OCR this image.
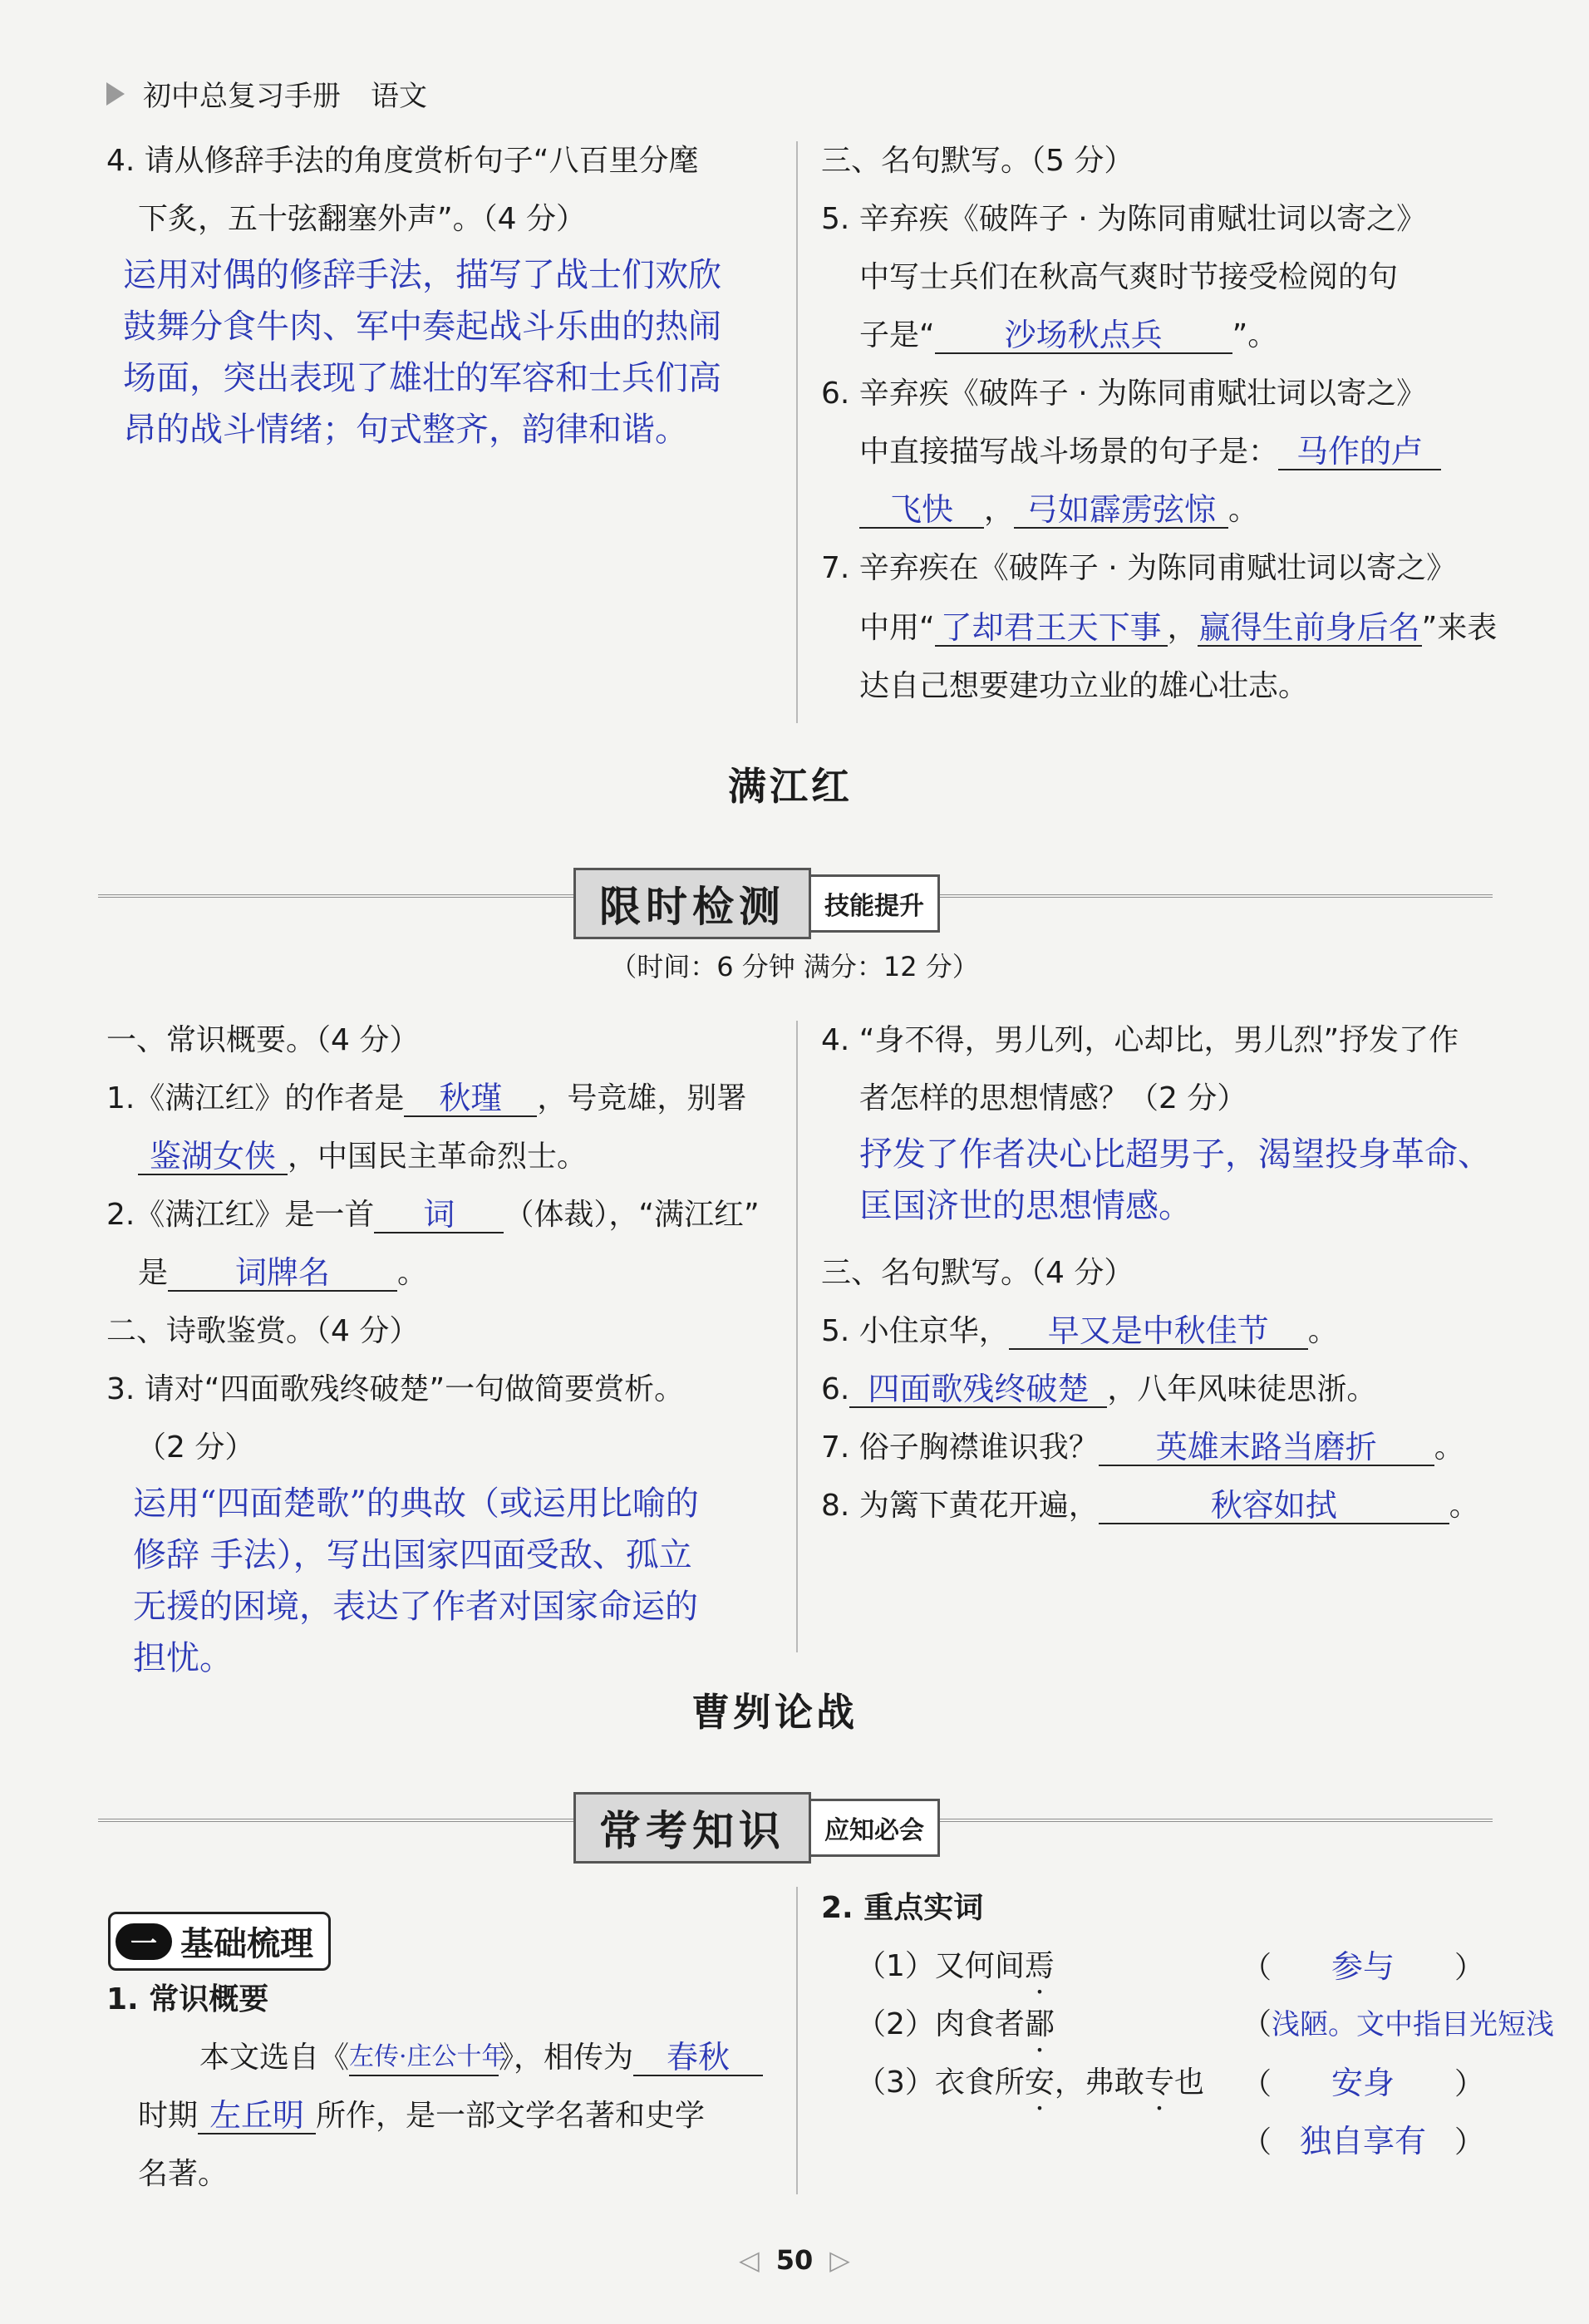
初中总复习手册 语文
4. 请从修辞手法的角度赏析句子“八百里分麾
下炙，五十弦翻塞外声”。（4 分）
运用对偶的修辞手法，描写了战士们欢欣
鼓舞分食牛肉、军中奏起战斗乐曲的热闹
场面，突出表现了雄壮的军容和士兵们高
昂的战斗情绪；句式整齐，韵律和谐。
三、名句默写。（5 分）
5. 辛弃疾《破阵子 · 为陈同甫赋壮词以寄之》
中写士兵们在秋高气爽时节接受检阅的句
子是“ 沙场秋点兵 ”。
6. 辛弃疾《破阵子 · 为陈同甫赋壮词以寄之》
中直接描写战斗场景的句子是： 马作的卢
飞快 ， 弓如霹雳弦惊 。
7. 辛弃疾在《破阵子 · 为陈同甫赋壮词以寄之》
中用“ 了却君王天下事 ，赢得生前身后名”来表
达自己想要建功立业的雄心壮志。
满江红
限时检测	技能提升
（时间：6 分钟 满分：12 分）
一、常识概要。（4 分）
1.《满江红》的作者是 秋瑾 ，号竞雄，别署
鉴湖女侠 ，中国民主革命烈士。
2.《满江红》是一首 词 （体裁），“满江红”
是 词牌名 。
二、诗歌鉴赏。（4 分）
3. 请对“四面歌残终破楚”一句做简要赏析。
（2 分）
运用“四面楚歌”的典故（或运用比喻的
修辞 手法），写出国家四面受敌、孤立
无援的困境，表达了作者对国家命运的
担忧。
4. “身不得，男儿列，心却比，男儿烈”抒发了作
者怎样的思想情感？（2 分）
抒发了作者决心比超男子，渴望投身革命、
匡国济世的思想情感。
三、名句默写。（4 分）
5. 小住京华， 早又是中秋佳节 。
6. 四面歌残终破楚 ，八年风味徒思浙。
7. 俗子胸襟谁识我？ 英雄末路当磨折 。
8. 为篱下黄花开遍，	秋容如拭	。
曹刿论战
常考知识	应知必会
一 基础梳理
1. 常识概要
本文选自《左传·庄公十年》，相传为 春秋
时期 左丘明 所作，是一部文学名著和史学
名著。
2. 重点实词
（1）又何间焉	（ 参与 ）
（2）肉食者鄙	（浅陋。文中指目光短浅
（3）衣食所安，弗敢专也 （ 安身 ）
（ 独自享有 ）
◁ 50 ▷
